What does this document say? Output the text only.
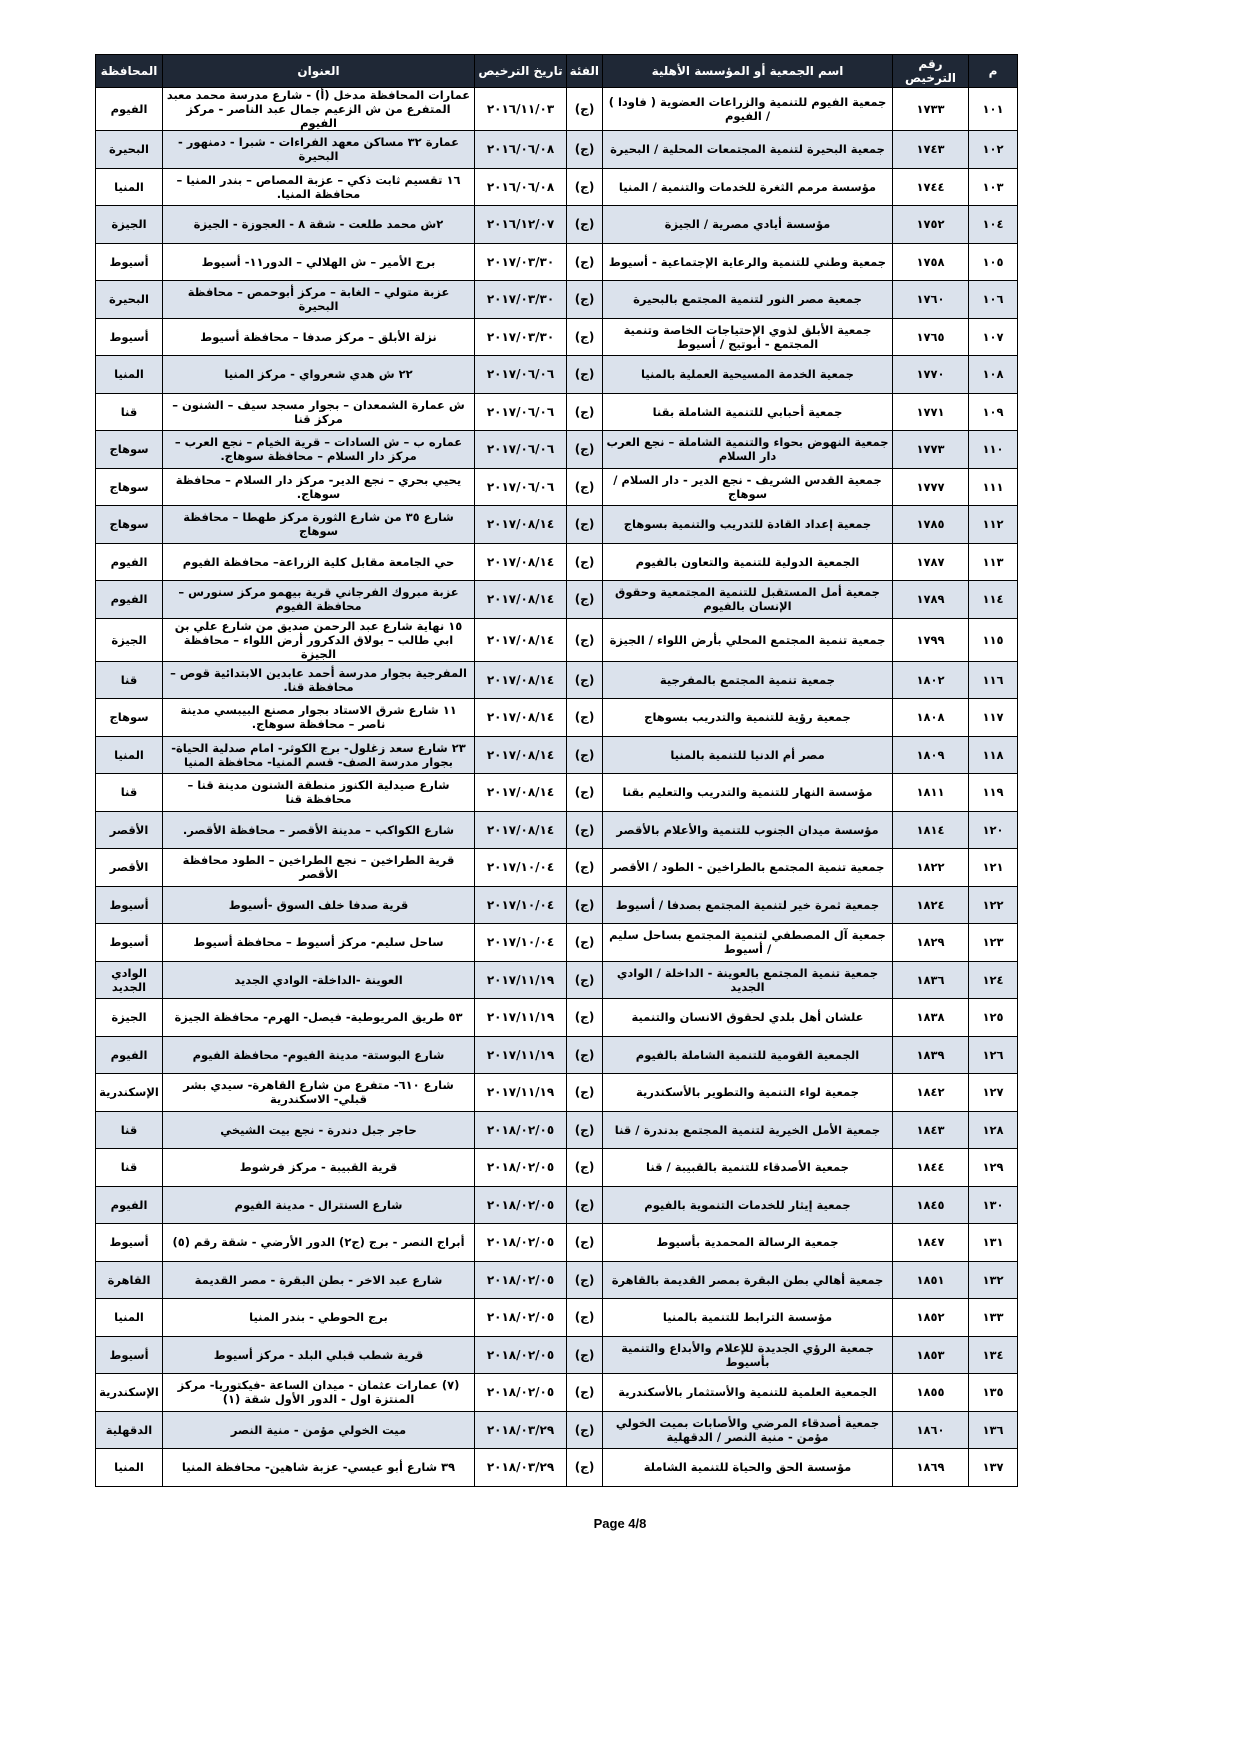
م	رقم الترخيص	اسم الجمعية أو المؤسسة الأهلية	الفئة	تاريخ الترخيص	العنوان	المحافظة
١٠١	١٧٣٣	جمعية الفيوم للتنمية والزراعات العضوية ( فاودا ) / الفيوم	(ج)	٢٠١٦/١١/٠٣	عمارات المحافظة مدخل (أ) - شارع مدرسة محمد معبد المتفرع من ش الزعيم جمال عبد الناصر - مركز الفيوم	الفيوم
١٠٢	١٧٤٣	جمعية البحيرة لتنمية المجتمعات المحلية / البحيرة	(ج)	٢٠١٦/٠٦/٠٨	عمارة ٣٢ مساكن معهد الفراءات - شبرا - دمنهور - البحيرة	البحيرة
١٠٣	١٧٤٤	مؤسسة مرمم الثغرة للخدمات والتنمية / المنيا	(ج)	٢٠١٦/٠٦/٠٨	١٦ تقسيم ثابت ذكي – عزبة المصاص – بندر المنيا – محافظة المنيا.	المنيا
١٠٤	١٧٥٢	مؤسسة أيادي مصرية / الجيزة	(ج)	٢٠١٦/١٢/٠٧	٢ش محمد طلعت - شقة ٨ - العجوزة - الجيزة	الجيزة
١٠٥	١٧٥٨	جمعية وطني للتنمية والرعاية الإجتماعية - أسيوط	(ج)	٢٠١٧/٠٣/٣٠	برج الأمير – ش الهلالي – الدور١١- أسيوط	أسيوط
١٠٦	١٧٦٠	جمعية مصر النور لتنمية المجتمع بالبحيرة	(ج)	٢٠١٧/٠٣/٣٠	عزبة متولي – الغابة – مركز أبوحمص – محافظة البحيرة	البحيرة
١٠٧	١٧٦٥	جمعية الأبلق لذوي الإحتياجات الخاصة وتنمية المجتمع - أبوتيج / أسيوط	(ج)	٢٠١٧/٠٣/٣٠	نزلة الأبلق – مركز صدفا – محافظة أسيوط	أسيوط
١٠٨	١٧٧٠	جمعية الخدمة المسيحية العملية بالمنيا	(ج)	٢٠١٧/٠٦/٠٦	٢٢ ش هدي شعرواي - مركز المنيا	المنيا
١٠٩	١٧٧١	جمعية أحبابي للتنمية الشاملة بقنا	(ج)	٢٠١٧/٠٦/٠٦	ش عمارة الشمعدان – بجوار مسجد سيف – الشنون – مركز قنا	قنا
١١٠	١٧٧٣	جمعية النهوض بحواء والتنمية الشاملة – نجع العرب دار السلام	(ج)	٢٠١٧/٠٦/٠٦	عماره ب – ش السادات – قرية الخيام – نجع العرب – مركز دار السلام – محافظة سوهاج.	سوهاج
١١١	١٧٧٧	جمعية القدس الشريف - نجع الدير - دار السلام / سوهاج	(ج)	٢٠١٧/٠٦/٠٦	يحيي بحري – نجع الدير- مركز دار السلام – محافظة سوهاج.	سوهاج
١١٢	١٧٨٥	جمعية إعداد القادة للتدريب والتنمية بسوهاج	(ج)	٢٠١٧/٠٨/١٤	شارع ٣٥ من شارع الثورة مركز طهطا – محافظة سوهاج	سوهاج
١١٣	١٧٨٧	الجمعية الدولية للتنمية والتعاون بالفيوم	(ج)	٢٠١٧/٠٨/١٤	حي الجامعة مقابل كلية الزراعة– محافظة الفيوم	الفيوم
١١٤	١٧٨٩	جمعية أمل المستقبل للتنمية المجتمعية وحقوق الإنسان بالفيوم	(ج)	٢٠١٧/٠٨/١٤	عزبة مبروك الفرجاني قرية بيهمو مركز سنورس – محافظة الفيوم	الفيوم
١١٥	١٧٩٩	جمعية تنمية المجتمع المحلي بأرض اللواء / الجيزة	(ج)	٢٠١٧/٠٨/١٤	١٥ نهاية شارع عبد الرحمن صديق من شارع علي بن ابي طالب – بولاق الدكرور أرض اللواء – محافظة الجيزة	الجيزة
١١٦	١٨٠٢	جمعية تنمية المجتمع بالمفرجية	(ج)	٢٠١٧/٠٨/١٤	المفرجية بجوار مدرسة أحمد عابدين الابتدائية قوص – محافظة قنا.	قنا
١١٧	١٨٠٨	جمعية رؤية للتنمية والتدريب بسوهاج	(ج)	٢٠١٧/٠٨/١٤	١١ شارع شرق الاستاد بجوار مصنع البيبسي مدينة ناصر – محافظة سوهاج.	سوهاج
١١٨	١٨٠٩	مصر أم الدنيا للتنمية بالمنيا	(ج)	٢٠١٧/٠٨/١٤	٢٣ شارع سعد زغلول- برج الكوثر- امام صدلية الحياة- بجوار مدرسة الصف- قسم المنيا- محافظة المنيا	المنيا
١١٩	١٨١١	مؤسسة النهار للتنمية والتدريب والتعليم بقنا	(ج)	٢٠١٧/٠٨/١٤	شارع صيدلية الكنوز منطقة الشنون مدينة قنا – محافظة قنا	قنا
١٢٠	١٨١٤	مؤسسة ميدان الجنوب للتنمية والأعلام بالأقصر	(ج)	٢٠١٧/٠٨/١٤	شارع الكواكب – مدينة الأقصر – محافظة الأقصر.	الأقصر
١٢١	١٨٢٢	جمعية تنمية المجتمع بالطراخين - الطود / الأقصر	(ج)	٢٠١٧/١٠/٠٤	قرية الطراخين – نجع الطراخين – الطود محافظة الأقصر	الأقصر
١٢٢	١٨٢٤	جمعية ثمرة خير لتنمية المجتمع بصدفا / أسيوط	(ج)	٢٠١٧/١٠/٠٤	قرية صدفا خلف السوق -أسيوط	أسيوط
١٢٣	١٨٢٩	جمعية آل المصطفي لتنمية المجتمع بساحل سليم / أسيوط	(ج)	٢٠١٧/١٠/٠٤	ساحل سليم- مركز أسيوط – محافظة أسيوط	أسيوط
١٢٤	١٨٣٦	جمعية تنمية المجتمع بالعوينة - الداخلة / الوادي الجديد	(ج)	٢٠١٧/١١/١٩	العوينة -الداخلة- الوادي الجديد	الوادي الجديد
١٢٥	١٨٣٨	علشان أهل بلدي لحقوق الانسان والتنمية	(ج)	٢٠١٧/١١/١٩	٥٣ طريق المريوطية- فيصل- الهرم- محافظة الجيزة	الجيزة
١٢٦	١٨٣٩	الجمعية القومية للتنمية الشاملة بالفيوم	(ج)	٢٠١٧/١١/١٩	شارع البوستة- مدينة الفيوم- محافظة الفيوم	الفيوم
١٢٧	١٨٤٢	جمعية لواء التنمية والتطوير بالأسكندرية	(ج)	٢٠١٧/١١/١٩	شارع ٦١٠- متفرع من شارع القاهرة- سيدي بشر قبلي- الاسكندرية	الإسكندرية
١٢٨	١٨٤٣	جمعية الأمل الخيرية لتنمية المجتمع بدندرة / قنا	(ج)	٢٠١٨/٠٢/٠٥	حاجر جبل دندرة - نجع بيت الشيخي	قنا
١٢٩	١٨٤٤	جمعية الأصدقاء للتنمية بالقبيبة / قنا	(ج)	٢٠١٨/٠٢/٠٥	قرية القبيبة - مركز فرشوط	قنا
١٣٠	١٨٤٥	جمعية إيثار للخدمات التنموية بالفيوم	(ج)	٢٠١٨/٠٢/٠٥	شارع السنترال - مدينة الفيوم	الفيوم
١٣١	١٨٤٧	جمعية الرسالة المحمدية بأسيوط	(ج)	٢٠١٨/٠٢/٠٥	أبراج النصر - برج (ج٢) الدور الأرضي - شقة رقم (٥)	أسيوط
١٣٢	١٨٥١	جمعية أهالي بطن البقرة بمصر القديمة بالقاهرة	(ج)	٢٠١٨/٠٢/٠٥	شارع عبد الاخر - بطن البقرة - مصر القديمة	القاهرة
١٣٣	١٨٥٢	مؤسسة الترابط للتنمية بالمنيا	(ج)	٢٠١٨/٠٢/٠٥	برج الحوطي - بندر المنيا	المنيا
١٣٤	١٨٥٣	جمعية الرؤي الجديدة للإعلام والأبداع والتنمية بأسيوط	(ج)	٢٠١٨/٠٢/٠٥	قرية شطب قبلي البلد - مركز أسيوط	أسيوط
١٣٥	١٨٥٥	الجمعية العلمية للتنمية والأستثمار بالأسكندرية	(ج)	٢٠١٨/٠٢/٠٥	(٧) عمارات عثمان - ميدان الساعة -فيكتوريا- مركز المنتزة اول - الدور الأول شقة (١)	الإسكندرية
١٣٦	١٨٦٠	جمعية أصدقاء المرضي والأصابات بميت الخولي مؤمن - منية النصر / الدقهلية	(ج)	٢٠١٨/٠٣/٢٩	ميت الخولي مؤمن - منية النصر	الدقهلية
١٣٧	١٨٦٩	مؤسسة الحق والحياة للتنمية الشاملة	(ج)	٢٠١٨/٠٣/٢٩	٣٩ شارع أبو عيسي- عزبة شاهين- محافظة المنيا	المنيا
Page 4/8
